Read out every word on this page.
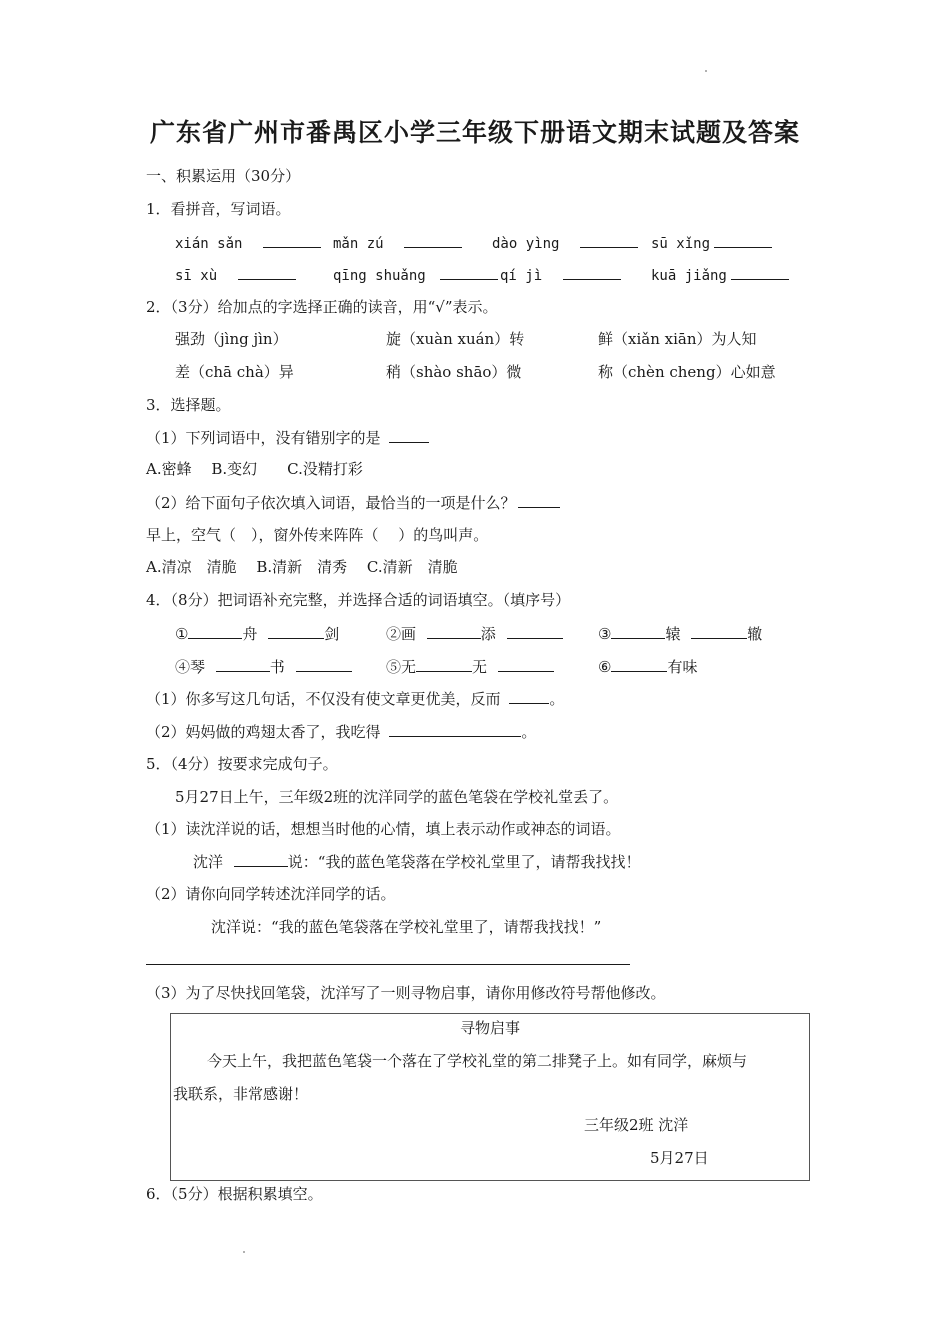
广东省广州市番禺区小学三年级下册语文期末试题及答案
一、积累运用（30分）
1．看拼音，写词语。
xián sǎn	mǎn zú	dào yìng	sū xǐng
sī xù	qīng shuǎng	qí jì	kuā jiǎng
2．（3分）给加点的字选择正确的读音，用“√”表示。
强劲（jìng jìn）	旋（xuàn xuán）转	鲜（xiǎn xiān）为人知
差（chā chà）异	稍（shào shāo）微	称（chèn cheng）心如意
3．选择题。
（1）下列词语中，没有错别字的是
A.密蜂　 B.变幻　　C.没精打彩
（2）给下面句子依次填入词语，最恰当的一项是什么？
早上，空气（　），窗外传来阵阵（　 ）的鸟叫声。
A.清凉　清脆　 B.清新　清秀　 C.清新　清脆
4．（8分）把词语补充完整，并选择合适的词语填空。（填序号）
①	舟	剑	②画	添	③	辕	辙
④琴	书	⑤无	无	⑥	有味
（1）你多写这几句话，不仅没有使文章更优美，反而	。
（2）妈妈做的鸡翅太香了，我吃得	。
5．（4分）按要求完成句子。
5月27日上午，三年级2班的沈洋同学的蓝色笔袋在学校礼堂丢了。
（1）读沈洋说的话，想想当时他的心情，填上表示动作或神态的词语。
沈洋	说：“我的蓝色笔袋落在学校礼堂里了，请帮我找找！
（2）请你向同学转述沈洋同学的话。
沈洋说：“我的蓝色笔袋落在学校礼堂里了，请帮我找找！”
（3）为了尽快找回笔袋，沈洋写了一则寻物启事，请你用修改符号帮他修改。
寻物启事
今天上午，我把蓝色笔袋一个落在了学校礼堂的第二排凳子上。如有同学，麻烦与
我联系，非常感谢！
三年级2班 沈洋
5月27日
6．（5分）根据积累填空。
